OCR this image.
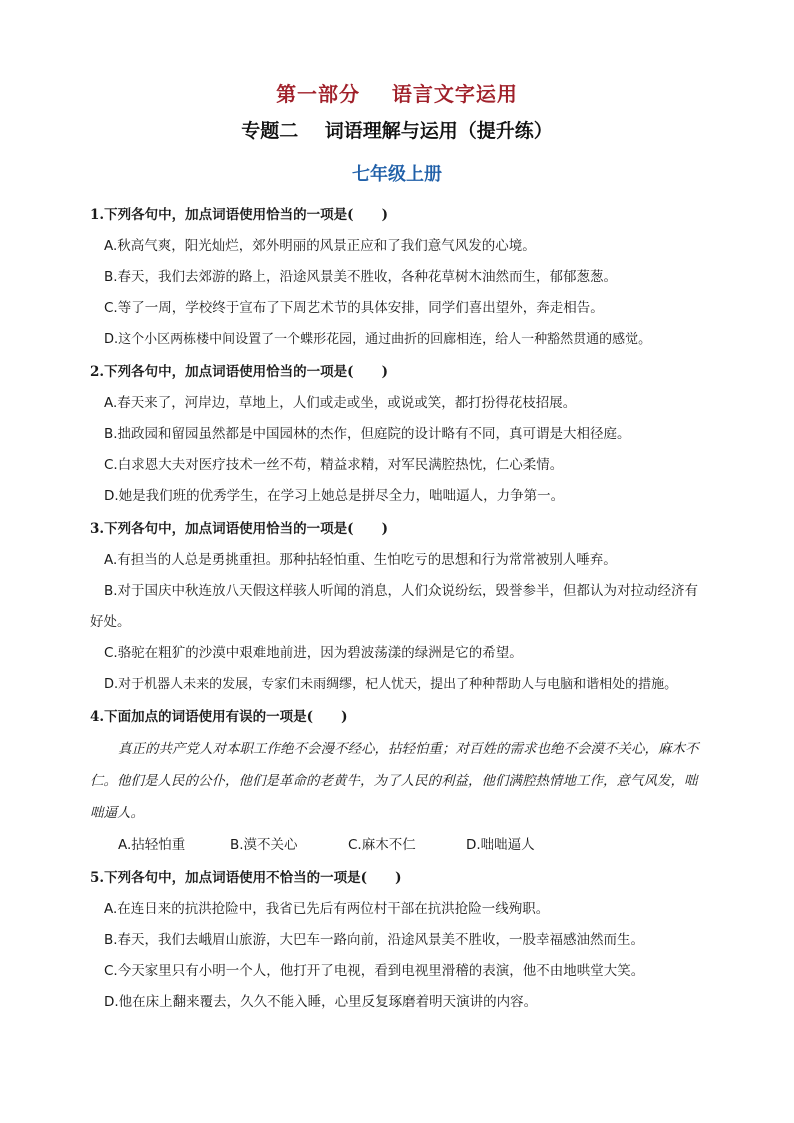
第一部分    语言文字运用
专题二    词语理解与运用（提升练）
七年级上册
1.下列各句中，加点词语使用恰当的一项是(      )
A.秋高气爽，阳光灿烂，郊外明丽的风景正应和了我们意气风发的心境。
B.春天，我们去郊游的路上，沿途风景美不胜收，各种花草树木油然而生，郁郁葱葱。
C.等了一周，学校终于宣布了下周艺术节的具体安排，同学们喜出望外，奔走相告。
D.这个小区两栋楼中间设置了一个蝶形花园，通过曲折的回廊相连，给人一种豁然贯通的感觉。
2.下列各句中，加点词语使用恰当的一项是(      )
A.春天来了，河岸边，草地上，人们或走或坐，或说或笑，都打扮得花枝招展。
B.拙政园和留园虽然都是中国园林的杰作，但庭院的设计略有不同，真可谓是大相径庭。
C.白求恩大夫对医疗技术一丝不苟，精益求精，对军民满腔热忱，仁心柔情。
D.她是我们班的优秀学生，在学习上她总是拼尽全力，咄咄逼人，力争第一。
3.下列各句中，加点词语使用恰当的一项是(      )
A.有担当的人总是勇挑重担。那种拈轻怕重、生怕吃亏的思想和行为常常被别人唾弃。
B.对于国庆中秋连放八天假这样骇人听闻的消息，人们众说纷纭，毁誉参半，但都认为对拉动经济有好处。
C.骆驼在粗犷的沙漠中艰难地前进，因为碧波荡漾的绿洲是它的希望。
D.对于机器人未来的发展，专家们未雨绸缪，杞人忧天，提出了种种帮助人与电脑和谐相处的措施。
4.下面加点的词语使用有误的一项是(      )
真正的共产党人对本职工作绝不会漫不经心，拈轻怕重；对百姓的需求也绝不会漠不关心，麻木不仁。他们是人民的公仆，他们是革命的老黄牛，为了人民的利益，他们满腔热情地工作，意气风发，咄咄逼人。
A.拈轻怕重	B.漠不关心	C.麻木不仁	D.咄咄逼人
5.下列各句中，加点词语使用不恰当的一项是(      )
A.在连日来的抗洪抢险中，我省已先后有两位村干部在抗洪抢险一线殉职。
B.春天，我们去峨眉山旅游，大巴车一路向前，沿途风景美不胜收，一股幸福感油然而生。
C.今天家里只有小明一个人，他打开了电视，看到电视里滑稽的表演，他不由地哄堂大笑。
D.他在床上翻来覆去，久久不能入睡，心里反复琢磨着明天演讲的内容。
